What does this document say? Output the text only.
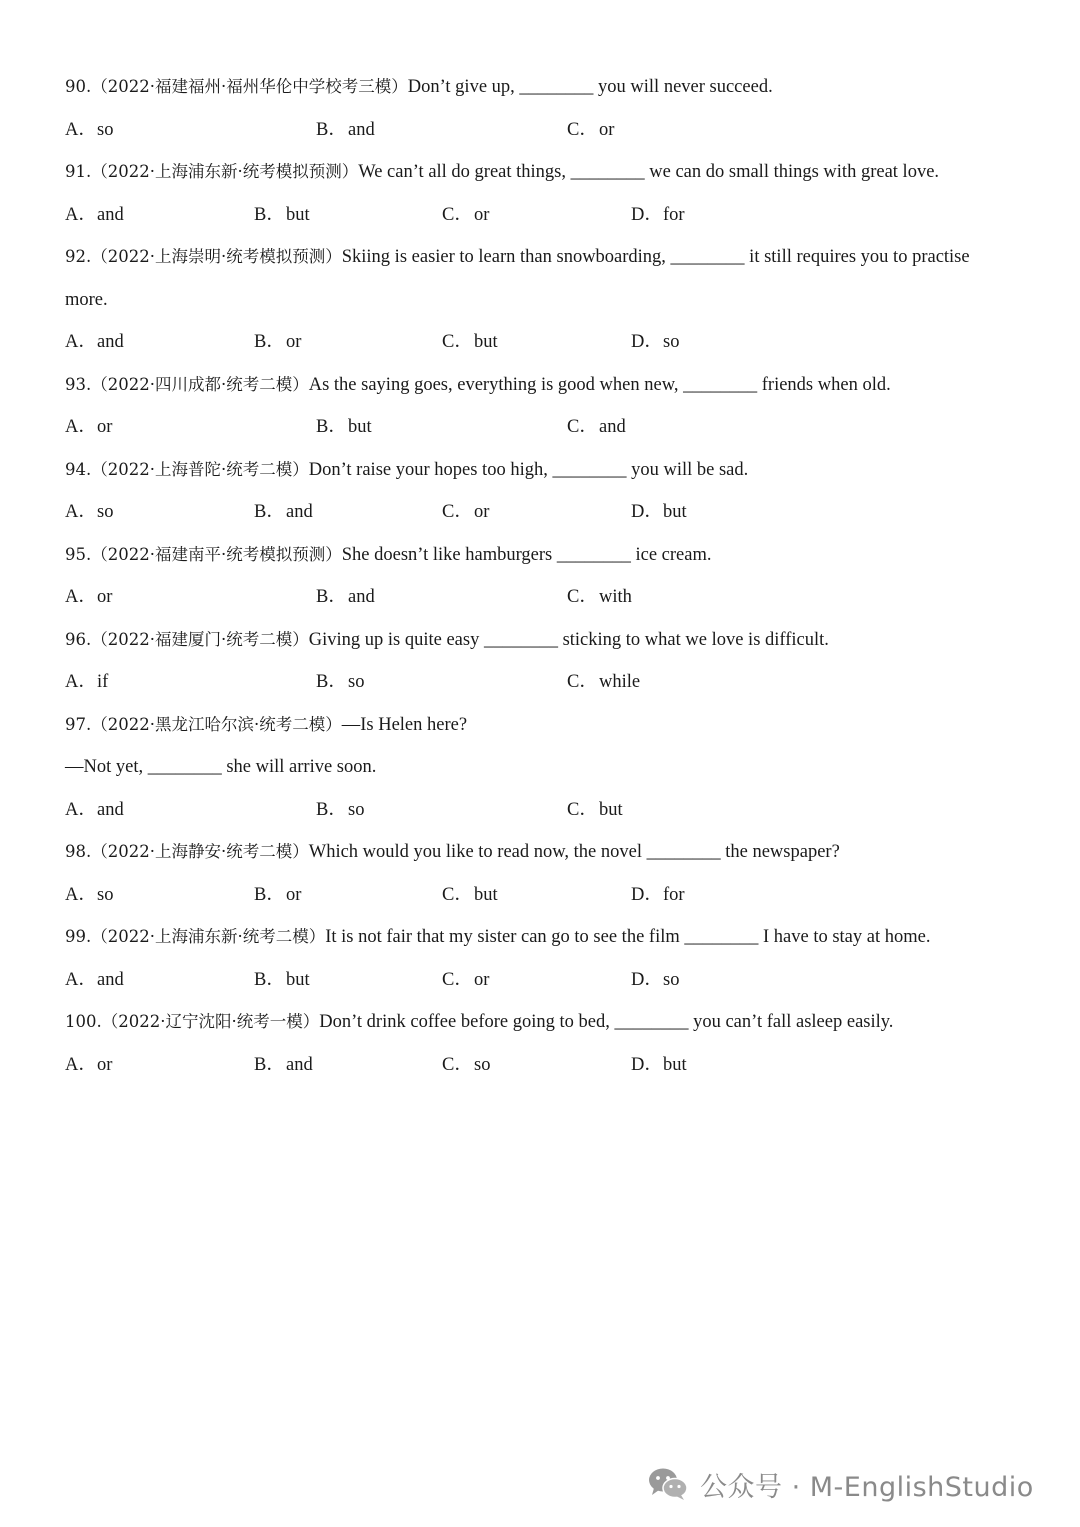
90.（2022·福建福州·福州华伦中学校考三模）Don’t give up, ________ you will never succeed.
A．so	B．and	C．or
91.（2022·上海浦东新·统考模拟预测）We can’t all do great things, ________ we can do small things with great love.
A．and	B．but	C．or	D．for
92.（2022·上海崇明·统考模拟预测）Skiing is easier to learn than snowboarding, ________ it still requires you to practise
more.
A．and	B．or	C．but	D．so
93.（2022·四川成都·统考二模）As the saying goes, everything is good when new, ________ friends when old.
A．or	B．but	C．and
94.（2022·上海普陀·统考二模）Don’t raise your hopes too high, ________ you will be sad.
A．so	B．and	C．or	D．but
95.（2022·福建南平·统考模拟预测）She doesn’t like hamburgers ________ ice cream.
A．or	B．and	C．with
96.（2022·福建厦门·统考二模）Giving up is quite easy ________ sticking to what we love is difficult.
A．if	B．so	C．while
97.（2022·黑龙江哈尔滨·统考二模）—Is Helen here?
—Not yet, ________ she will arrive soon.
A．and	B．so	C．but
98.（2022·上海静安·统考二模）Which would you like to read now, the novel ________ the newspaper?
A．so	B．or	C．but	D．for
99.（2022·上海浦东新·统考二模）It is not fair that my sister can go to see the film ________ I have to stay at home.
A．and	B．but	C．or	D．so
100.（2022·辽宁沈阳·统考一模）Don’t drink coffee before going to bed, ________ you can’t fall asleep easily.
A．or	B．and	C．so	D．but
公众号 · M-EnglishStudio
